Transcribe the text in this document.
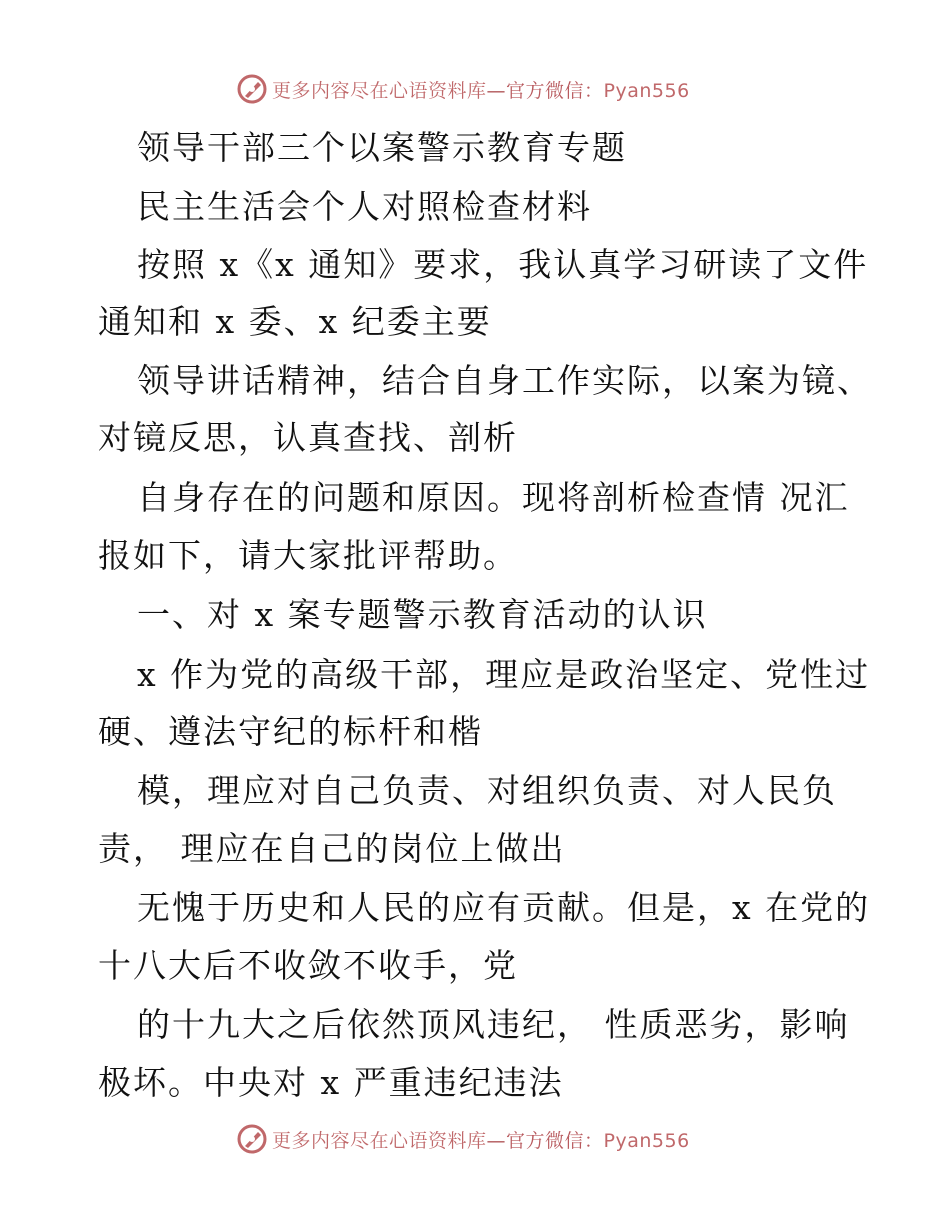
更多内容尽在心语资料库—官方微信：Pyan556
领导干部三个以案警示教育专题
民主生活会个人对照检查材料
按照 x《x 通知》要求，我认真学习研读了文件
通知和 x 委、x 纪委主要
领导讲话精神，结合自身工作实际，以案为镜、
对镜反思，认真查找、剖析
自身存在的问题和原因。现将剖析检查情 况汇
报如下，请大家批评帮助。
一、对 x 案专题警示教育活动的认识
x 作为党的高级干部，理应是政治坚定、党性过
硬、遵法守纪的标杆和楷
模，理应对自己负责、对组织负责、对人民负
责， 理应在自己的岗位上做出
无愧于历史和人民的应有贡献。但是，x 在党的
十八大后不收敛不收手，党
的十九大之后依然顶风违纪， 性质恶劣，影响
极坏。中央对 x 严重违纪违法
更多内容尽在心语资料库—官方微信：Pyan556
